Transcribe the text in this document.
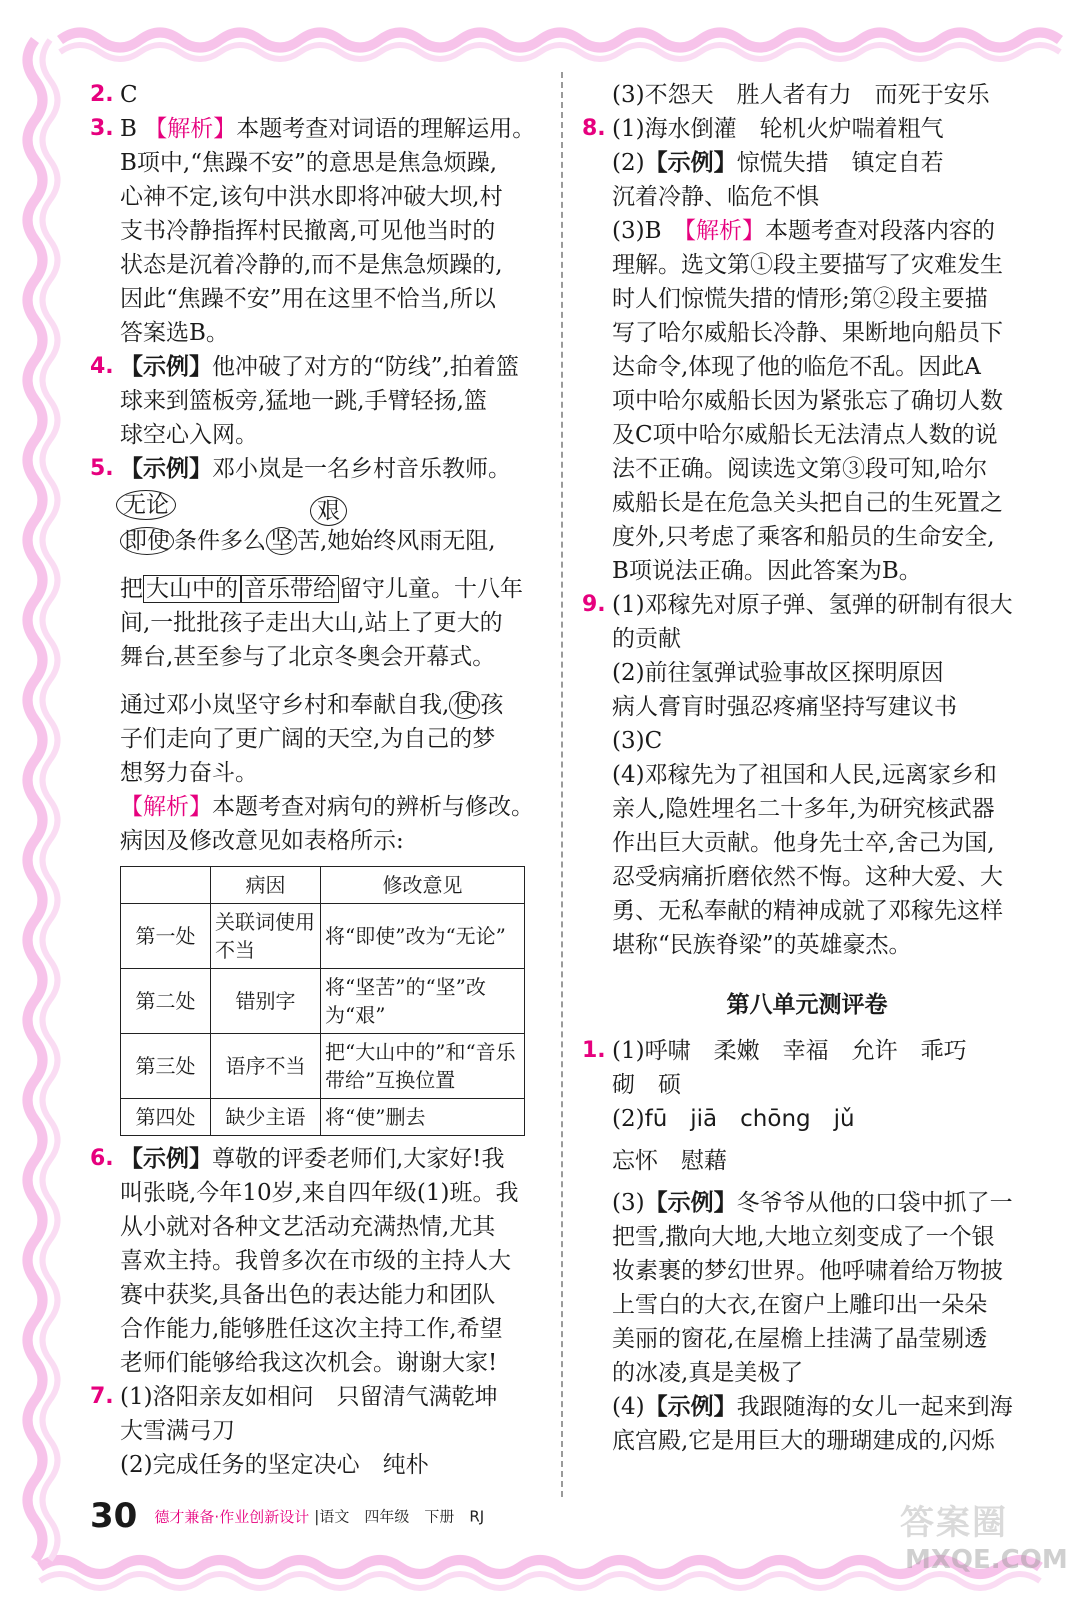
2. C
3. B 【解析】本题考查对词语的理解运用。
B项中,“焦躁不安”的意思是焦急烦躁,
心神不定,该句中洪水即将冲破大坝,村
支书冷静指挥村民撤离,可见他当时的
状态是沉着冷静的,而不是焦急烦躁的,
因此“焦躁不安”用在这里不恰当,所以
答案选B。
4. 【示例】他冲破了对方的“防线”,拍着篮
球来到篮板旁,猛地一跳,手臂轻扬,篮
球空心入网。
5. 【示例】邓小岚是一名乡村音乐教师。
无论	艰
即使 条件多么 坚 苦,她始终风雨无阻,
把 大山中的 音乐带给 留守儿童。十八年
间,一批批孩子走出大山,站上了更大的
舞台,甚至参与了北京冬奥会开幕式。
通过邓小岚坚守乡村和奉献自我, 使 孩
子们走向了更广阔的天空,为自己的梦
想努力奋斗。
【解析】本题考查对病句的辨析与修改。
病因及修改意见如表格所示:
	病因	修改意见
第一处	关联词使用不当	将“即使”改为“无论”
第二处	错别字	将“坚苦”的“坚”改为“艰”
第三处	语序不当	把“大山中的”和“音乐带给”互换位置
第四处	缺少主语	将“使”删去
6. 【示例】尊敬的评委老师们,大家好!我
叫张晓,今年10岁,来自四年级(1)班。我
从小就对各种文艺活动充满热情,尤其
喜欢主持。我曾多次在市级的主持人大
赛中获奖,具备出色的表达能力和团队
合作能力,能够胜任这次主持工作,希望
老师们能够给我这次机会。谢谢大家!
7. (1)洛阳亲友如相问　只留清气满乾坤
大雪满弓刀
(2)完成任务的坚定决心　纯朴
(3)不怨天　胜人者有力　而死于安乐
8. (1)海水倒灌　轮机火炉喘着粗气
(2)【示例】惊慌失措　镇定自若
沉着冷静、临危不惧
(3)B　【解析】本题考查对段落内容的
理解。选文第①段主要描写了灾难发生
时人们惊慌失措的情形;第②段主要描
写了哈尔威船长冷静、果断地向船员下
达命令,体现了他的临危不乱。因此A
项中哈尔威船长因为紧张忘了确切人数
及C项中哈尔威船长无法清点人数的说
法不正确。阅读选文第③段可知,哈尔
威船长是在危急关头把自己的生死置之
度外,只考虑了乘客和船员的生命安全,
B项说法正确。因此答案为B。
9. (1)邓稼先对原子弹、氢弹的研制有很大
的贡献
(2)前往氢弹试验事故区探明原因
病人膏肓时强忍疼痛坚持写建议书
(3)C
(4)邓稼先为了祖国和人民,远离家乡和
亲人,隐姓埋名二十多年,为研究核武器
作出巨大贡献。他身先士卒,舍己为国,
忍受病痛折磨依然不悔。这种大爱、大
勇、无私奉献的精神成就了邓稼先这样
堪称“民族脊梁”的英雄豪杰。
第八单元测评卷
1. (1)呼啸　柔嫩　幸福　允许　乖巧
砌　硕
(2)fū　 jiā　 chōng　 jǔ
忘怀　慰藉
(3)【示例】冬爷爷从他的口袋中抓了一
把雪,撒向大地,大地立刻变成了一个银
妆素裹的梦幻世界。他呼啸着给万物披
上雪白的大衣,在窗户上雕印出一朵朵
美丽的窗花,在屋檐上挂满了晶莹剔透
的冰凌,真是美极了
(4)【示例】我跟随海的女儿一起来到海
底宫殿,它是用巨大的珊瑚建成的,闪烁
30 德才兼备·作业创新设计 |语文　四年级　下册　RJ	答案圈
MXQE.COM
